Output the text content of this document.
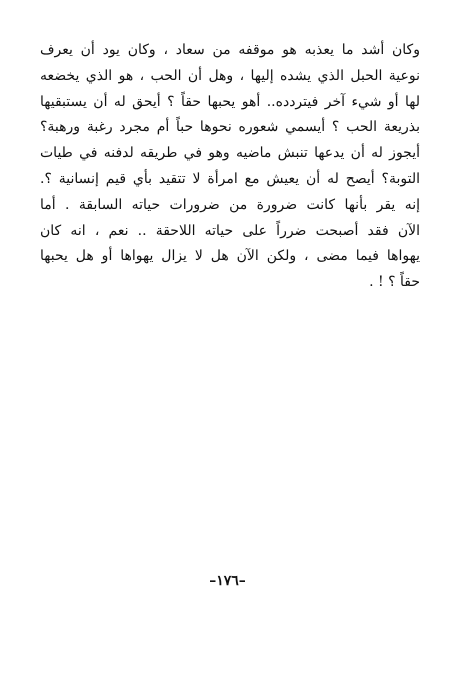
وكان أشد ما يعذبه هو موقفه من سعاد ، وكان يود أن يعرف
نوعية الحبل الذي يشده إليها ، وهل أن الحب ، هو الذي يخضعه
لها أو شيء آخر فيتردده.. أهو يحبها حقاً ؟ أيحق له أن يستبقيها
بذريعة الحب ؟ أيسمي شعوره نحوها حباً أم مجرد رغبة ورهبة؟
أيجوز له أن يدعها تنبش ماضيه وهو في طريقه لدفنه في طيات
التوبة؟ أيصح له أن يعيش مع امرأة لا تتقيد بأي قيم إنسانية ؟.
إنه يقر بأنها كانت ضرورة من ضرورات حياته السابقة . أما
الآن فقد أصبحت ضرراً على حياته اللاحقة .. نعم ، انه كان
يهواها فيما مضى ، ولكن الآن هل لا يزال يهواها أو هل يحبها
حقاً ؟ ! .
–١٧٦–
